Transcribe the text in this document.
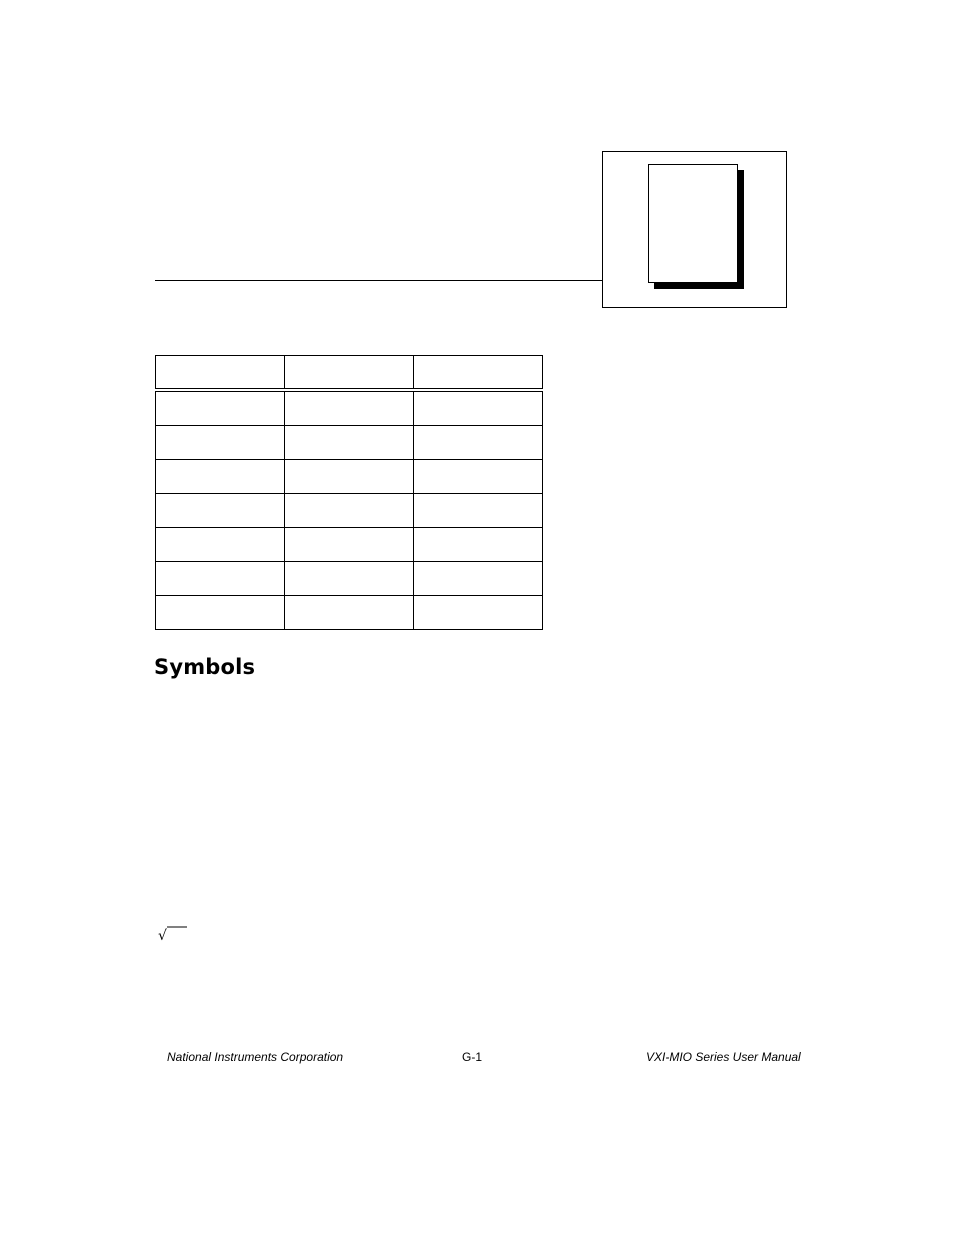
Symbols
√
National Instruments Corporation	G-1	VXI-MIO Series User Manual
